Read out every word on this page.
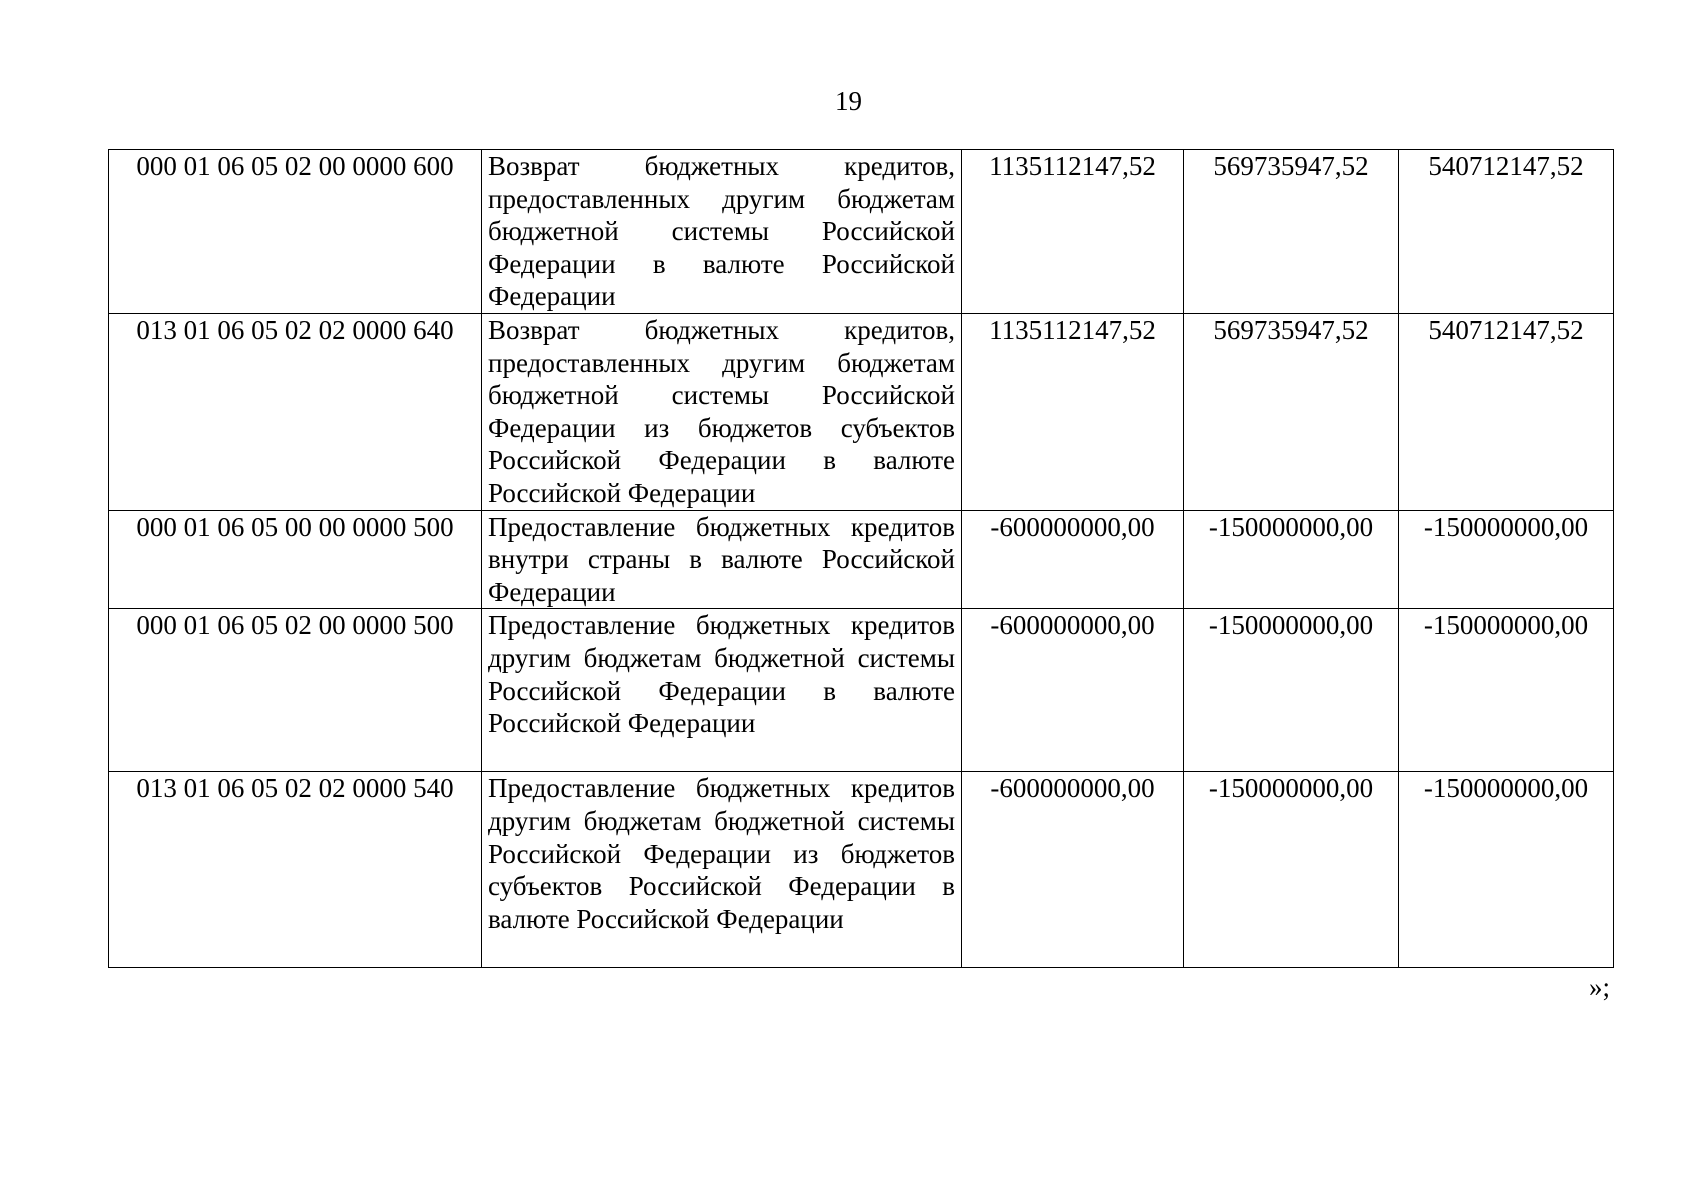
19
000 01 06 05 02 00 0000 600	Возврат бюджетных кредитов, предоставленных другим бюджетам бюджетной системы Российской Федерации в валюте Российской Федерации	1135112147,52	569735947,52	540712147,52
013 01 06 05 02 02 0000 640	Возврат бюджетных кредитов, предоставленных другим бюджетам бюджетной системы Российской Федерации из бюджетов субъектов Российской Федерации в валюте Российской Федерации	1135112147,52	569735947,52	540712147,52
000 01 06 05 00 00 0000 500	Предоставление бюджетных кредитов внутри страны в валюте Российской Федерации	-600000000,00	-150000000,00	-150000000,00
000 01 06 05 02 00 0000 500	Предоставление бюджетных кредитов другим бюджетам бюджетной системы Российской Федерации в валюте Российской Федерации	-600000000,00	-150000000,00	-150000000,00
013 01 06 05 02 02 0000 540	Предоставление бюджетных кредитов другим бюджетам бюджетной системы Российской Федерации из бюджетов субъектов Российской Федерации в валюте Российской Федерации	-600000000,00	-150000000,00	-150000000,00
»;
